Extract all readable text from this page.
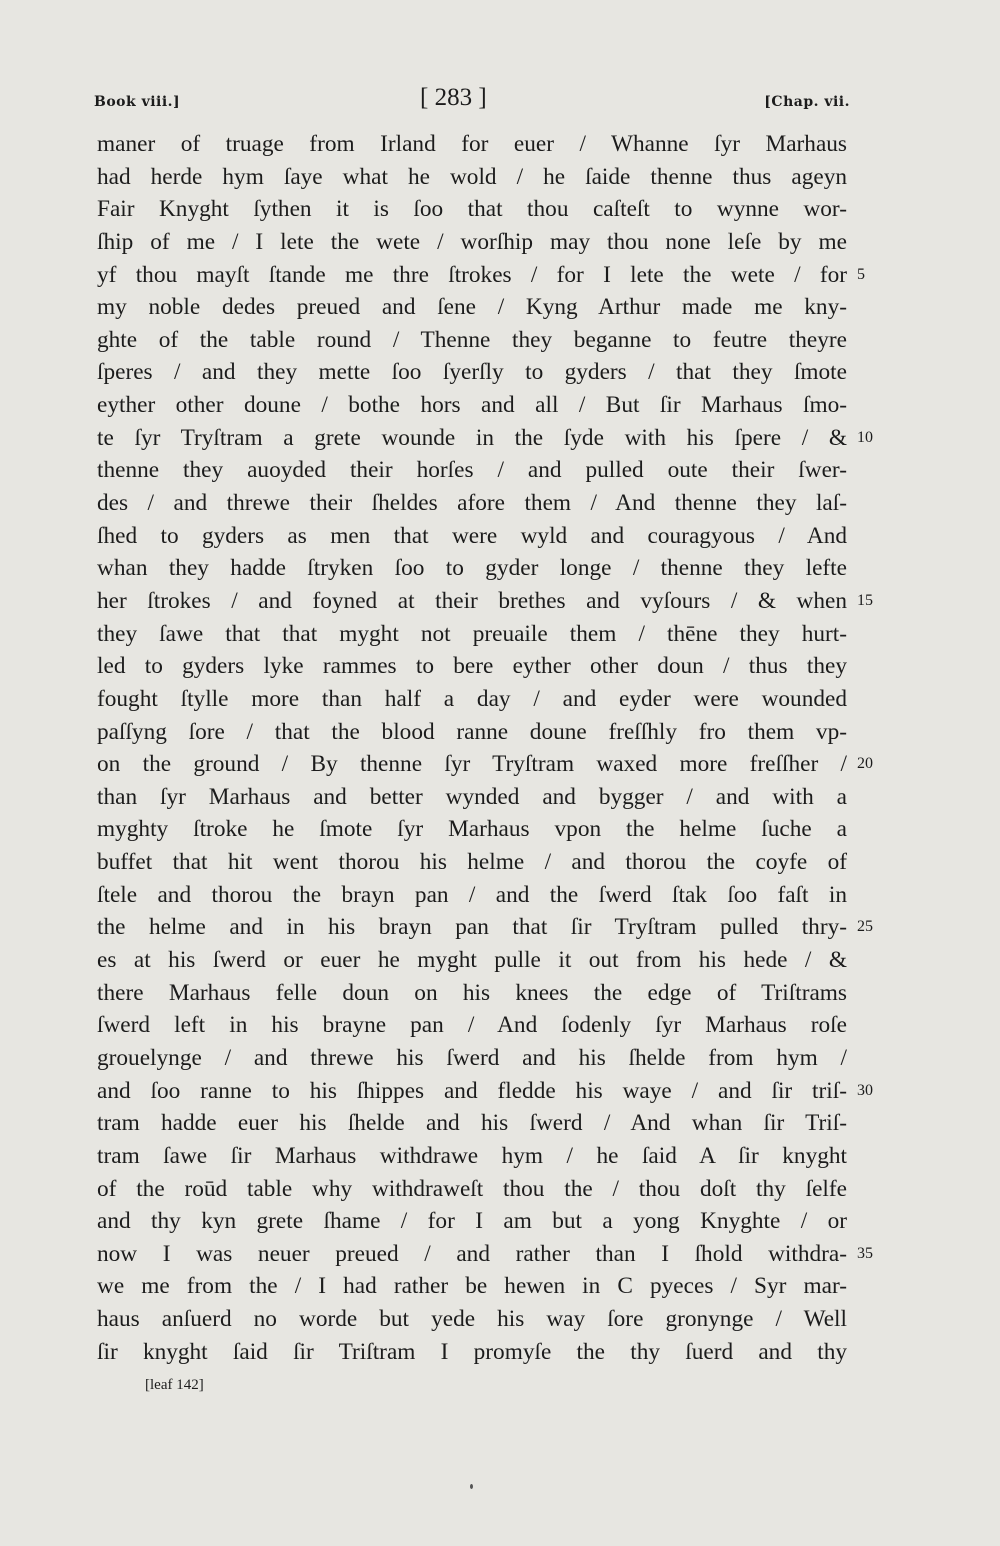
Book viii.]	[ 283 ]	[Chap. vii.
maner of truage from Irland for euer / Whanne ſyr Marhaus
had herde hym ſaye what he wold / he ſaide thenne thus ageyn
Fair Knyght ſythen it is ſoo that thou caſteſt to wynne wor-
ſhip of me / I lete the wete / worſhip may thou none leſe by me
yf thou mayſt ſtande me thre ſtrokes / for I lete the wete / for 5
my noble dedes preued and ſene / Kyng Arthur made me kny-
ghte of the table round / Thenne they beganne to feutre theyre
ſperes / and they mette ſoo ſyerſly to gyders / that they ſmote
eyther other doune / bothe hors and all / But ſir Marhaus ſmo-
te ſyr Tryſtram a grete wounde in the ſyde with his ſpere / & 10
thenne they auoyded their horſes / and pulled oute their ſwer-
des / and threwe their ſheldes afore them / And thenne they laſ-
ſhed to gyders as men that were wyld and couragyous / And
whan they hadde ſtryken ſoo to gyder longe / thenne they lefte
her ſtrokes / and foyned at their brethes and vyſours / & when 15
they ſawe that that myght not preuaile them / thēne they hurt-
led to gyders lyke rammes to bere eyther other doun / thus they
fought ſtylle more than half a day / and eyder were wounded
paſſyng ſore / that the blood ranne doune freſſhly fro them vp-
on the ground / By thenne ſyr Tryſtram waxed more freſſher / 20
than ſyr Marhaus and better wynded and bygger / and with a
myghty ſtroke he ſmote ſyr Marhaus vpon the helme ſuche a
buffet that hit went thorou his helme / and thorou the coyfe of
ſtele and thorou the brayn pan / and the ſwerd ſtak ſoo faſt in
the helme and in his brayn pan that ſir Tryſtram pulled thry- 25
es at his ſwerd or euer he myght pulle it out from his hede / &
there Marhaus felle doun on his knees the edge of Triſtrams
ſwerd left in his brayne pan / And ſodenly ſyr Marhaus roſe
grouelynge / and threwe his ſwerd and his ſhelde from hym /
and ſoo ranne to his ſhippes and fledde his waye / and ſir triſ- 30
tram hadde euer his ſhelde and his ſwerd / And whan ſir Triſ-
tram ſawe ſir Marhaus withdrawe hym / he ſaid A ſir knyght
of the roūd table why withdraweſt thou the / thou doſt thy ſelfe
and thy kyn grete ſhame / for I am but a yong Knyghte / or
now I was neuer preued / and rather than I ſhold withdra- 35
we me from the / I had rather be hewen in C pyeces / Syr mar-
haus anſuerd no worde but yede his way ſore gronynge / Well
ſir knyght ſaid ſir Triſtram I promyſe the thy ſuerd and thy
[leaf 142]
